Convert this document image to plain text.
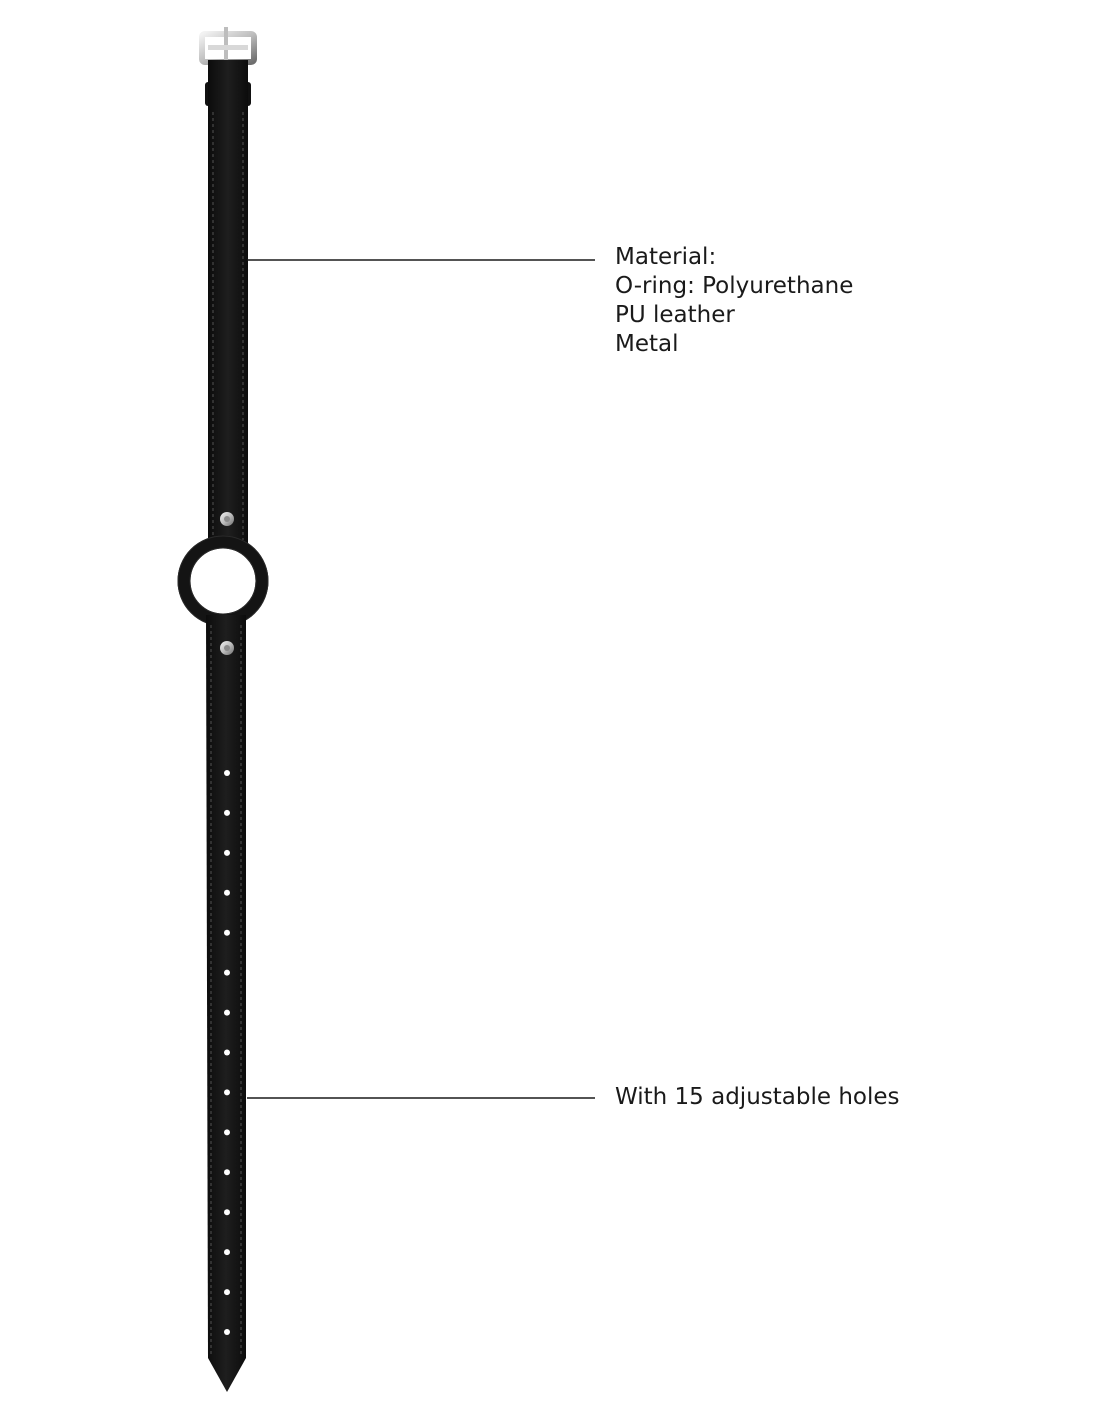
Material:
O-ring: Polyurethane
PU leather
Metal
With 15 adjustable holes
